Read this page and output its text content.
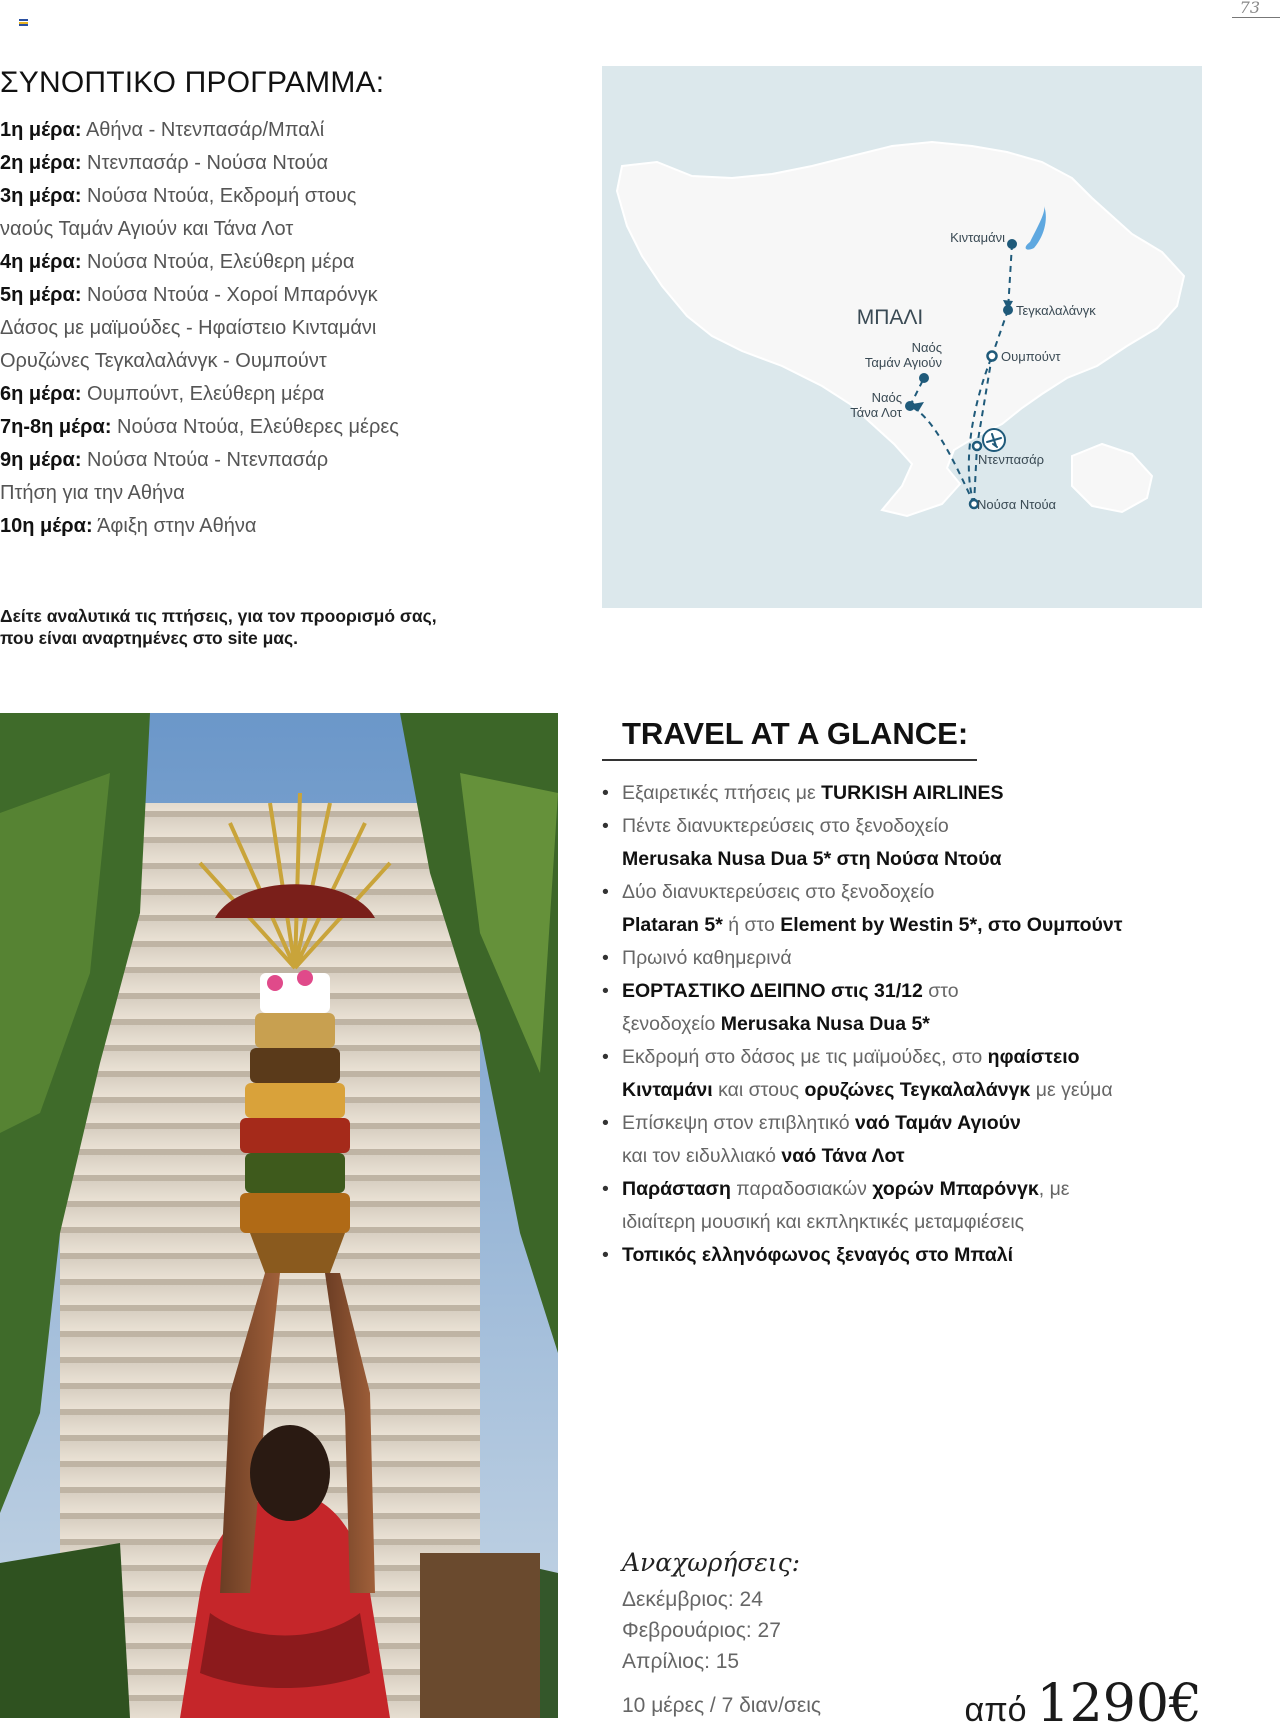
73
ΣΥΝΟΠΤΙΚΟ ΠΡΟΓΡΑΜΜΑ:
1η μέρα: Αθήνα - Ντενπασάρ/Μπαλί
2η μέρα: Ντενπασάρ - Νούσα Ντούα
3η μέρα: Νούσα Ντούα, Εκδρομή στους
ναούς Ταμάν Αγιούν και Τάνα Λοτ
4η μέρα: Νούσα Ντούα, Ελεύθερη μέρα
5η μέρα: Νούσα Ντούα - Χοροί Μπαρόνγκ
Δάσος με μαϊμούδες - Ηφαίστειο Κινταμάνι
Ορυζώνες Τεγκαλαλάνγκ - Ουμπούντ
6η μέρα: Ουμπούντ, Ελεύθερη μέρα
7η-8η μέρα: Νούσα Ντούα, Ελεύθερες μέρες
9η μέρα: Νούσα Ντούα - Ντενπασάρ
Πτήση για την Αθήνα
10η μέρα: Άφιξη στην Αθήνα
Δείτε αναλυτικά τις πτήσεις, για τον προορισμό σας,
που είναι αναρτημένες στο site μας.
Κινταμάνι
Τεγκαλαλάνγκ
Ουμπούντ
Ναός
Ταμάν Αγιούν
Ναός
Τάνα Λοτ
Ντενπασάρ
Νούσα Ντούα
ΜΠΑΛΙ
TRAVEL AT A GLANCE:
• Εξαιρετικές πτήσεις με TURKISH AIRLINES
• Πέντε διανυκτερεύσεις στο ξενοδοχείο
Merusaka Nusa Dua 5* στη Νούσα Ντούα
• Δύο διανυκτερεύσεις στο ξενοδοχείο
Plataran 5* ή στο Element by Westin 5*, στο Ουμπούντ
• Πρωινό καθημερινά
• ΕΟΡΤΑΣΤΙΚΟ ΔΕΙΠΝΟ στις 31/12 στο
ξενοδοχείο Merusaka Nusa Dua 5*
• Εκδρομή στο δάσος με τις μαϊμούδες, στο ηφαίστειο
Κινταμάνι και στους ορυζώνες Τεγκαλαλάνγκ με γεύμα
• Επίσκεψη στον επιβλητικό ναό Ταμάν Αγιούν
και τον ειδυλλιακό ναό Τάνα Λοτ
• Παράσταση παραδοσιακών χορών Μπαρόνγκ, με
ιδιαίτερη μουσική και εκπληκτικές μεταμφιέσεις
• Τοπικός ελληνόφωνος ξεναγός στο Μπαλί
Αναχωρήσεις:
Δεκέμβριος: 24
Φεβρουάριος: 27
Απρίλιος: 15
10 μέρες / 7 διαν/σεις	από 1290€
